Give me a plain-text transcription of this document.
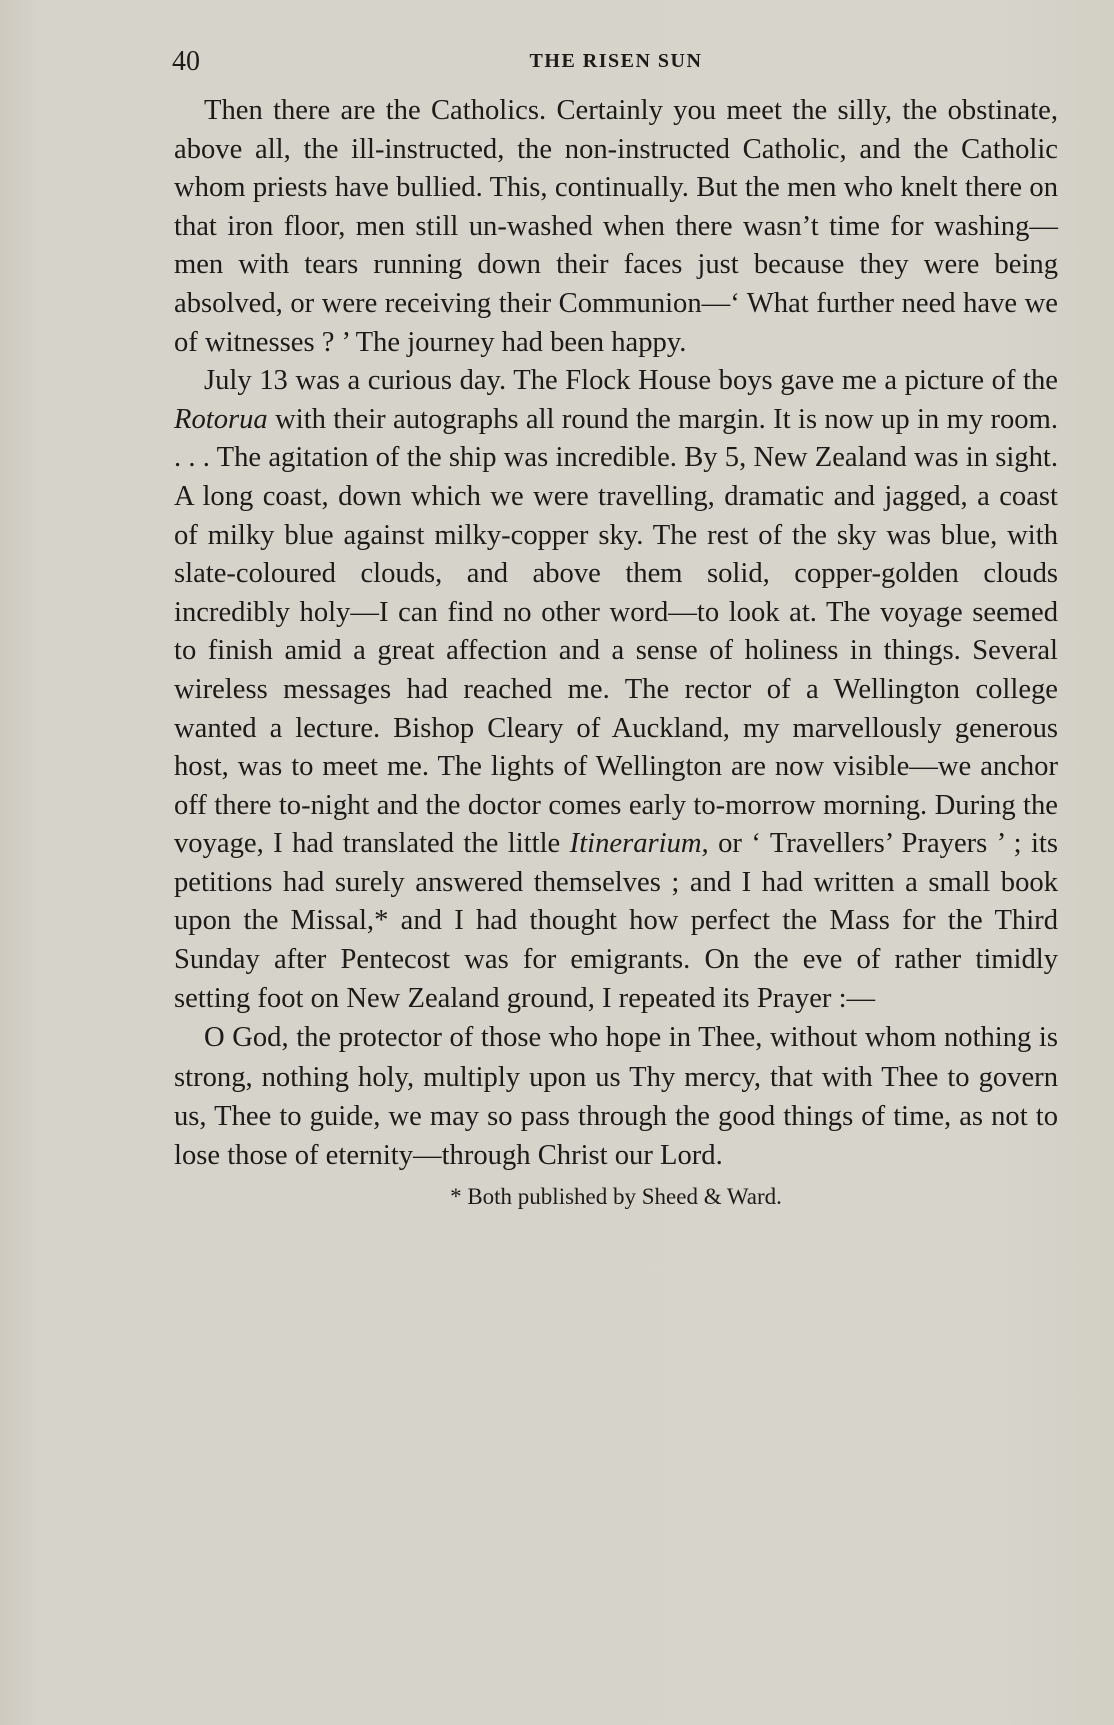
40	THE RISEN SUN

Then there are the Catholics. Certainly you meet the silly, the obstinate, above all, the ill-instructed, the non-instructed Catholic, and the Catholic whom priests have bullied. This, continually. But the men who knelt there on that iron floor, men still un-washed when there wasn’t time for washing—men with tears running down their faces just because they were being absolved, or were receiving their Communion—‘ What further need have we of witnesses ? ’ The journey had been happy.

July 13 was a curious day. The Flock House boys gave me a picture of the Rotorua with their autographs all round the margin. It is now up in my room. . . . The agitation of the ship was incredible. By 5, New Zealand was in sight. A long coast, down which we were travelling, dramatic and jagged, a coast of milky blue against milky-copper sky. The rest of the sky was blue, with slate-coloured clouds, and above them solid, copper-golden clouds incredibly holy—I can find no other word—to look at. The voyage seemed to finish amid a great affection and a sense of holiness in things. Several wireless messages had reached me. The rector of a Wellington college wanted a lecture. Bishop Cleary of Auckland, my marvellously generous host, was to meet me. The lights of Wellington are now visible—we anchor off there to-night and the doctor comes early to-morrow morning. During the voyage, I had translated the little Itinerarium, or ‘ Travellers’ Prayers ’ ; its petitions had surely answered themselves ; and I had written a small book upon the Missal,* and I had thought how perfect the Mass for the Third Sunday after Pentecost was for emigrants. On the eve of rather timidly setting foot on New Zealand ground, I repeated its Prayer :—

O God, the protector of those who hope in Thee, without whom nothing is strong, nothing holy, multiply upon us Thy mercy, that with Thee to govern us, Thee to guide, we may so pass through the good things of time, as not to lose those of eternity—through Christ our Lord.

* Both published by Sheed & Ward.
